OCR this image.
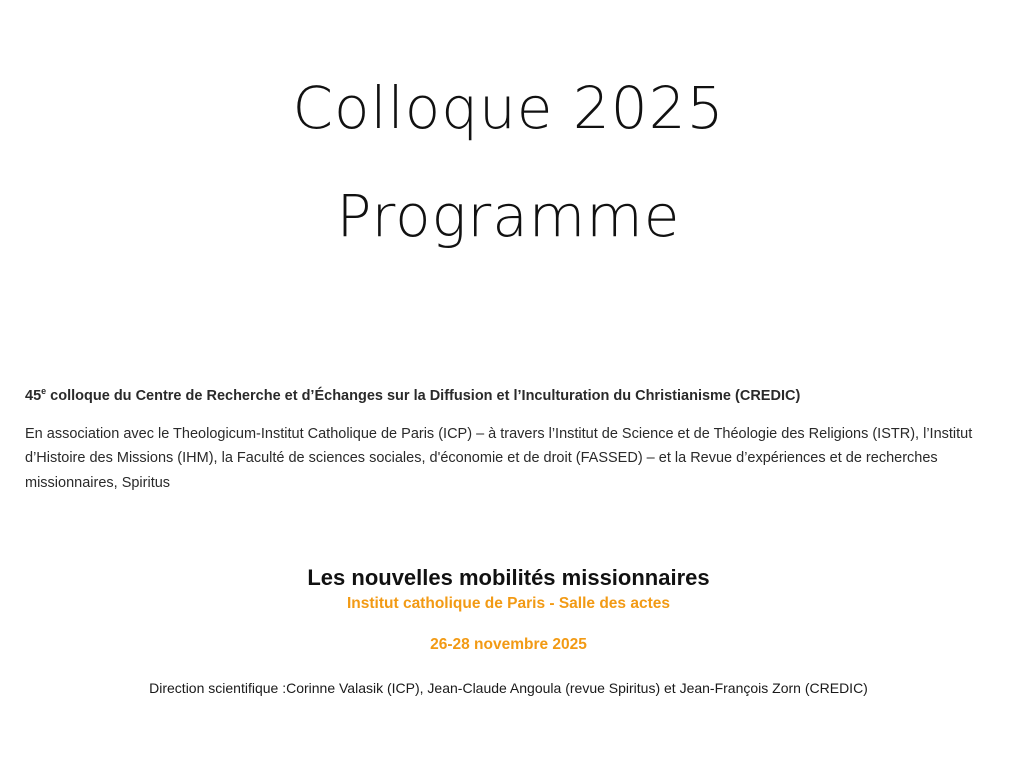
Colloque 2025
Programme

45e colloque du Centre de Recherche et d’Échanges sur la Diffusion et l’Inculturation du Christianisme (CREDIC)

En association avec le Theologicum-Institut Catholique de Paris (ICP) – à travers l’Institut de Science et de Théologie des Religions (ISTR), l’Institut d’Histoire des Missions (IHM), la Faculté de sciences sociales, d'économie et de droit (FASSED) – et la Revue d’expériences et de recherches missionnaires, Spiritus

Les nouvelles mobilités missionnaires
Institut catholique de Paris - Salle des actes
26-28 novembre 2025
Direction scientifique :Corinne Valasik (ICP), Jean-Claude Angoula (revue Spiritus) et Jean-François Zorn (CREDIC)
